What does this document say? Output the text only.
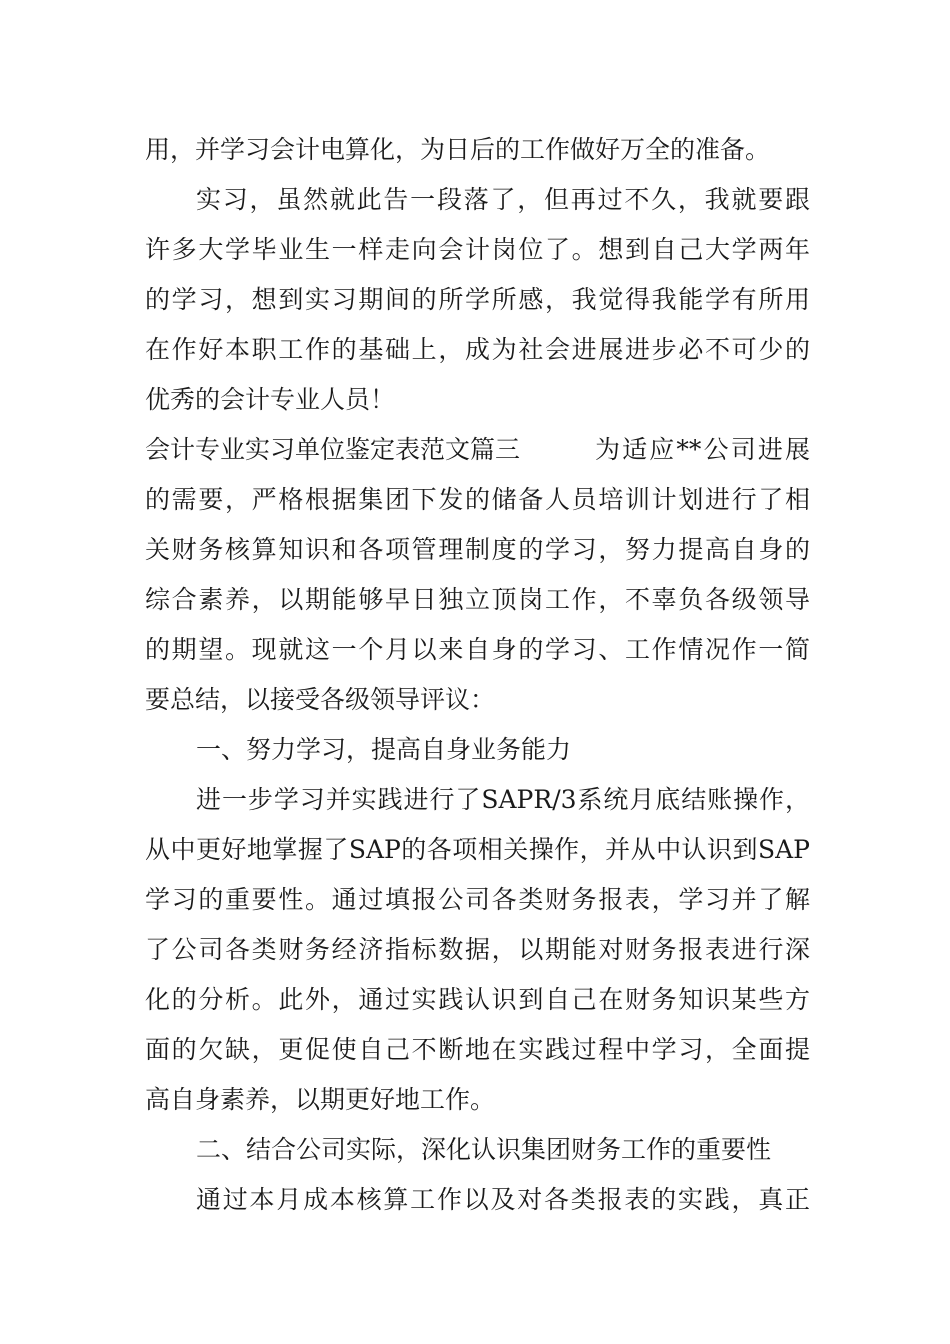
用，并学习会计电算化，为日后的工作做好万全的准备。
实习，虽然就此告一段落了，但再过不久，我就要跟
许多大学毕业生一样走向会计岗位了。想到自己大学两年
的学习，想到实习期间的所学所感，我觉得我能学有所用
在作好本职工作的基础上，成为社会进展进步必不可少的
优秀的会计专业人员！
会计专业实习单位鉴定表范文篇三	为适应**公司进展
的需要，严格根据集团下发的储备人员培训计划进行了相
关财务核算知识和各项管理制度的学习，努力提高自身的
综合素养，以期能够早日独立顶岗工作，不辜负各级领导
的期望。现就这一个月以来自身的学习、工作情况作一简
要总结，以接受各级领导评议：
一、努力学习，提高自身业务能力
进一步学习并实践进行了SAPR/3系统月底结账操作，
从中更好地掌握了SAP的各项相关操作，并从中认识到SAP
学习的重要性。通过填报公司各类财务报表，学习并了解
了公司各类财务经济指标数据，以期能对财务报表进行深
化的分析。此外，通过实践认识到自己在财务知识某些方
面的欠缺，更促使自己不断地在实践过程中学习，全面提
高自身素养，以期更好地工作。
二、结合公司实际，深化认识集团财务工作的重要性
通过本月成本核算工作以及对各类报表的实践，真正
